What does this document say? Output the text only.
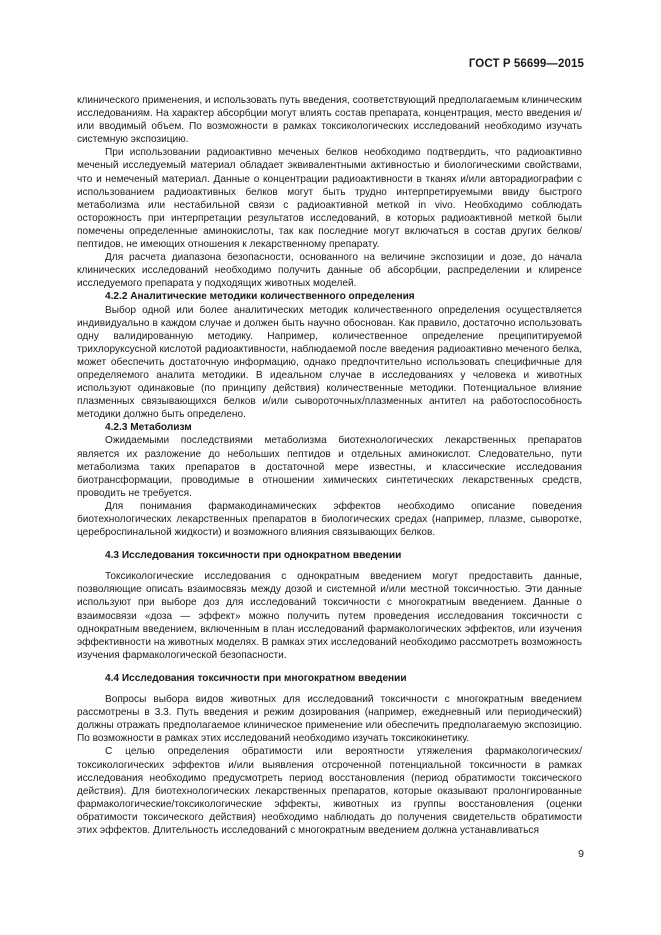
ГОСТ Р 56699—2015

клинического применения, и использовать путь введения, соответствующий предполагаемым клиническим исследованиям. На характер абсорбции могут влиять состав препарата, концентрация, место введения и/или вводимый объем. По возможности в рамках токсикологических исследований необходимо изучать системную экспозицию.

При использовании радиоактивно меченых белков необходимо подтвердить, что радиоактивно меченый исследуемый материал обладает эквивалентными активностью и биологическими свойствами, что и немеченый материал. Данные о концентрации радиоактивности в тканях и/или авторадиографии с использованием радиоактивных белков могут быть трудно интерпретируемыми ввиду быстрого метаболизма или нестабильной связи с радиоактивной меткой in vivo. Необходимо соблюдать осторожность при интерпретации результатов исследований, в которых радиоактивной меткой были помечены определенные аминокислоты, так как последние могут включаться в состав других белков/пептидов, не имеющих отношения к лекарственному препарату.

Для расчета диапазона безопасности, основанного на величине экспозиции и дозе, до начала клинических исследований необходимо получить данные об абсорбции, распределении и клиренсе исследуемого препарата у подходящих животных моделей.

4.2.2 Аналитические методики количественного определения

Выбор одной или более аналитических методик количественного определения осуществляется индивидуально в каждом случае и должен быть научно обоснован. Как правило, достаточно использовать одну валидированную методику. Например, количественное определение преципитируемой трихлоруксусной кислотой радиоактивности, наблюдаемой после введения радиоактивно меченого белка, может обеспечить достаточную информацию, однако предпочтительно использовать специфичные для определяемого аналита методики. В идеальном случае в исследованиях у человека и животных используют одинаковые (по принципу действия) количественные методики. Потенциальное влияние плазменных связывающихся белков и/или сывороточных/плазменных антител на работоспособность методики должно быть определено.

4.2.3 Метаболизм

Ожидаемыми последствиями метаболизма биотехнологических лекарственных препаратов является их разложение до небольших пептидов и отдельных аминокислот. Следовательно, пути метаболизма таких препаратов в достаточной мере известны, и классические исследования биотрансформации, проводимые в отношении химических синтетических лекарственных средств, проводить не требуется.

Для понимания фармакодинамических эффектов необходимо описание поведения биотехнологических лекарственных препаратов в биологических средах (например, плазме, сыворотке, цереброспинальной жидкости) и возможного влияния связывающих белков.

4.3 Исследования токсичности при однократном введении

Токсикологические исследования с однократным введением могут предоставить данные, позволяющие описать взаимосвязь между дозой и системной и/или местной токсичностью. Эти данные используют при выборе доз для исследований токсичности с многократным введением. Данные о взаимосвязи «доза — эффект» можно получить путем проведения исследования токсичности с однократным введением, включенным в план исследований фармакологических эффектов, или изучения эффективности на животных моделях. В рамках этих исследований необходимо рассмотреть возможность изучения фармакологической безопасности.

4.4 Исследования токсичности при многократном введении

Вопросы выбора видов животных для исследований токсичности с многократным введением рассмотрены в 3.3. Путь введения и режим дозирования (например, ежедневный или периодический) должны отражать предполагаемое клиническое применение или обеспечить предполагаемую экспозицию. По возможности в рамках этих исследований необходимо изучать токсикокинетику.

С целью определения обратимости или вероятности утяжеления фармакологических/токсикологических эффектов и/или выявления отсроченной потенциальной токсичности в рамках исследования необходимо предусмотреть период восстановления (период обратимости токсического действия). Для биотехнологических лекарственных препаратов, которые оказывают пролонгированные фармакологические/токсикологические эффекты, животных из группы восстановления (оценки обратимости токсического действия) необходимо наблюдать до получения свидетельств обратимости этих эффектов. Длительность исследований с многократным введением должна устанавливаться

9
